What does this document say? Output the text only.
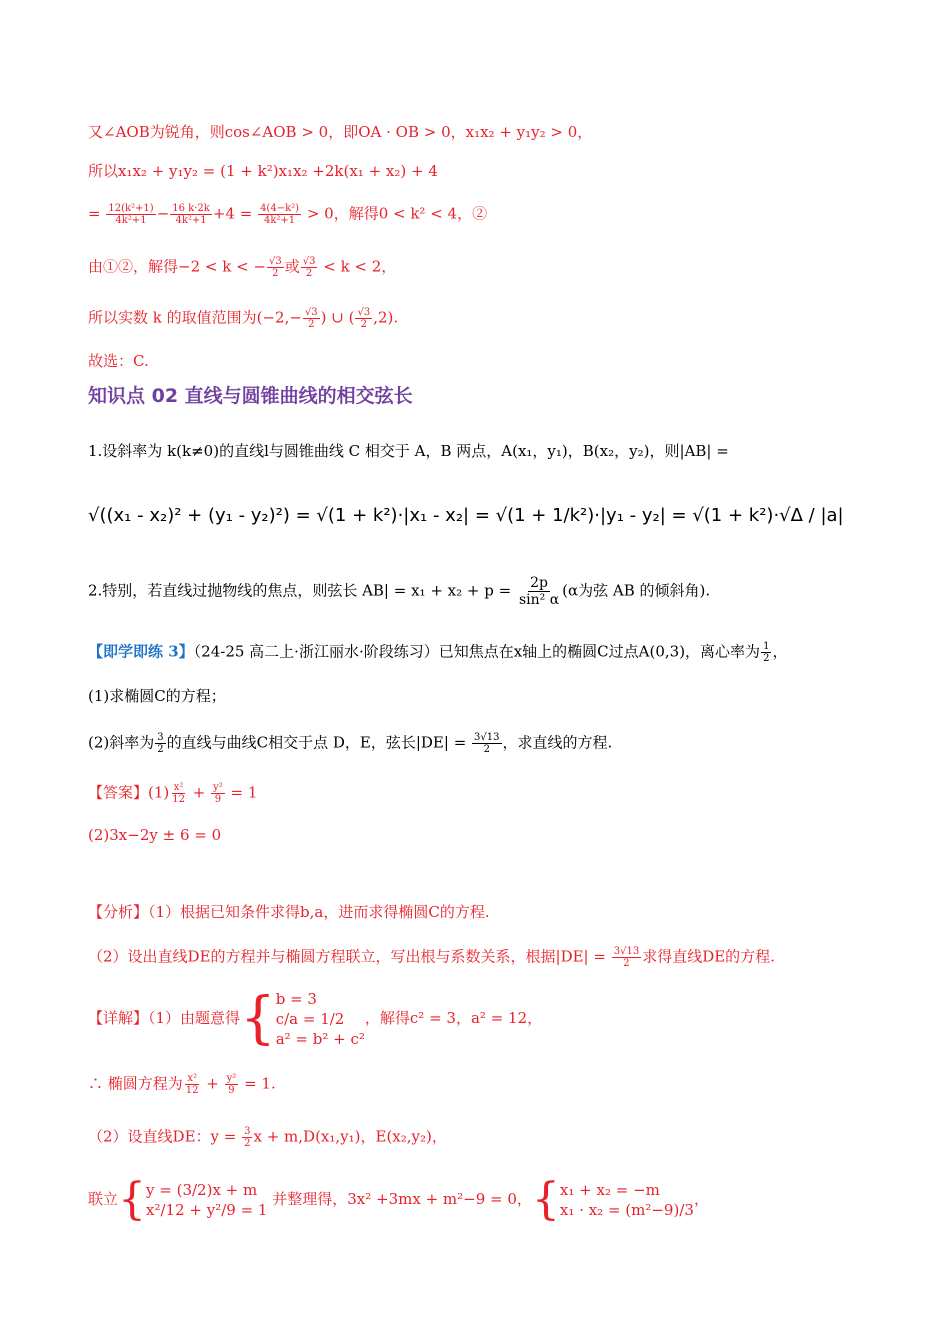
又∠AOB为锐角，则cos∠AOB > 0，即OA · OB > 0，x₁x₂ + y₁y₂ > 0，
所以x₁x₂ + y₁y₂ = (1 + k²)x₁x₂ +2k(x₁ + x₂) + 4
= $\frac{\text{12(k²+1)}}{\text{4k²+1}} - \frac{16 k\cdot 2k}{\text{4k²+1}} +4 = \frac{\text{4(4−k²)}}{\text{4k²+1}} > 0$，解得0 < k² < 4，②
由①②，解得−2 < k < − $\frac{√3}{2}$ 或 $\frac{√3}{2} < k < 2$，
所以实数 k 的取值范围为($-2,- \frac{√3}{2}$ ) ∪ ( $\frac{√3}{2} ,2$).
故选：C.
知识点 02 直线与圆锥曲线的相交弦长
1.设斜率为 k(k≠0)的直线l与圆锥曲线 C 相交于 A，B 两点，A(x₁，y₁)，B(x₂，y₂)，则|AB| =
√((x₁ - x₂)² + (y₁ - y₂)²) = √(1 + k²)·|x₁ - x₂| = √(1 + 1/k²)·|y₁ - y₂| = √(1 + k²)·√Δ / |a|
2.特别，若直线过抛物线的焦点，则弦长 $AB| = x_1 + x_2 + p = \frac{2p}{\text{sin² α}} (\alpha$为弦 AB 的倾斜角).
【即学即练 3】（24-25 高二上·浙江丽水·阶段练习）已知焦点在x轴上的椭圆C过点A(0,3)，离心率为 $\frac{1}{2}$ ，
(1)求椭圆C的方程；
(2)斜率为 $\frac{3}{2}$ 的直线与曲线C相交于点 D，E，弦长$|DE| = \frac{3√13}{2}$ ，求直线的方程.
【答案】$(1) \frac{\text{x²}}{12} + \frac{\text{y²}}{9} = 1$
(2)3x−2y ± 6 = 0
【分析】（1）根据已知条件求得b,a，进而求得椭圆C的方程.
（2）设出直线DE的方程并与椭圆方程联立，写出根与系数关系，根据$|DE| = \frac{3√13}{2}$ 求得直线DE的方程.
【详解】（1）由题意得{ b = 3
c/a = 1/2
a² = b² + c²
，解得c² = 3，a² = 12，
∴ 椭圆方程为 $\frac{\text{x²}}{12} + \frac{\text{y²}}{9} = 1$.
（2）设直线DE：$y = \frac{3}{2}$ x + m,D(x₁,y₁)，E(x₂,y₂)，
联立{ y = (3/2)x + m
x²/12 + y²/9 = 1
并整理得，3x² +3mx + m²−9 = 0，{ x₁ + x₂ = −m
x₁ · x₂ = (m²−9)/3
，
